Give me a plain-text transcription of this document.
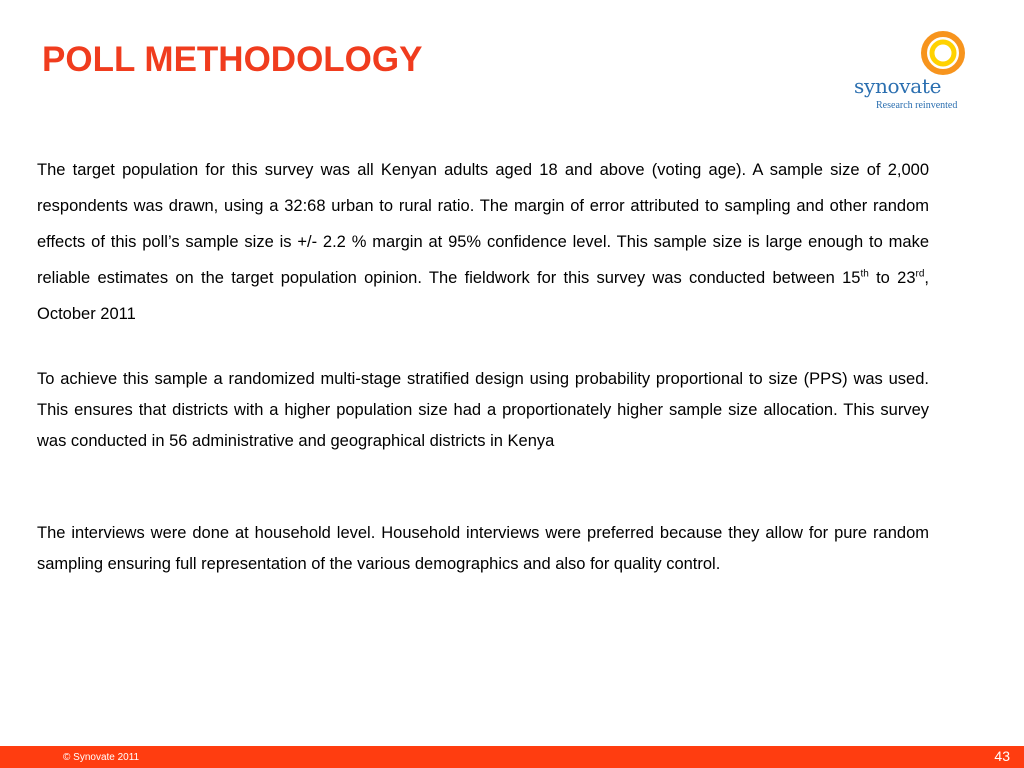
POLL METHODOLOGY
synovate
Research reinvented
The target population for this survey was all Kenyan adults aged 18 and above (voting age). A sample size of 2,000 respondents was drawn, using a 32:68 urban to rural ratio. The margin of error attributed to sampling and other random effects of this poll’s sample size is +/- 2.2 % margin at 95% confidence level. This sample size is large enough to make reliable estimates on the target population opinion. The fieldwork for this survey was conducted between 15th to 23rd, October 2011
To achieve this sample a randomized multi-stage stratified design using probability proportional to size (PPS) was used. This ensures that districts with a higher population size had a proportionately higher sample size allocation. This survey was conducted in 56 administrative and geographical districts in Kenya
The interviews were done at household level. Household interviews were preferred because they allow for pure random sampling ensuring full representation of the various demographics and also for quality control.
© Synovate 2011	43
